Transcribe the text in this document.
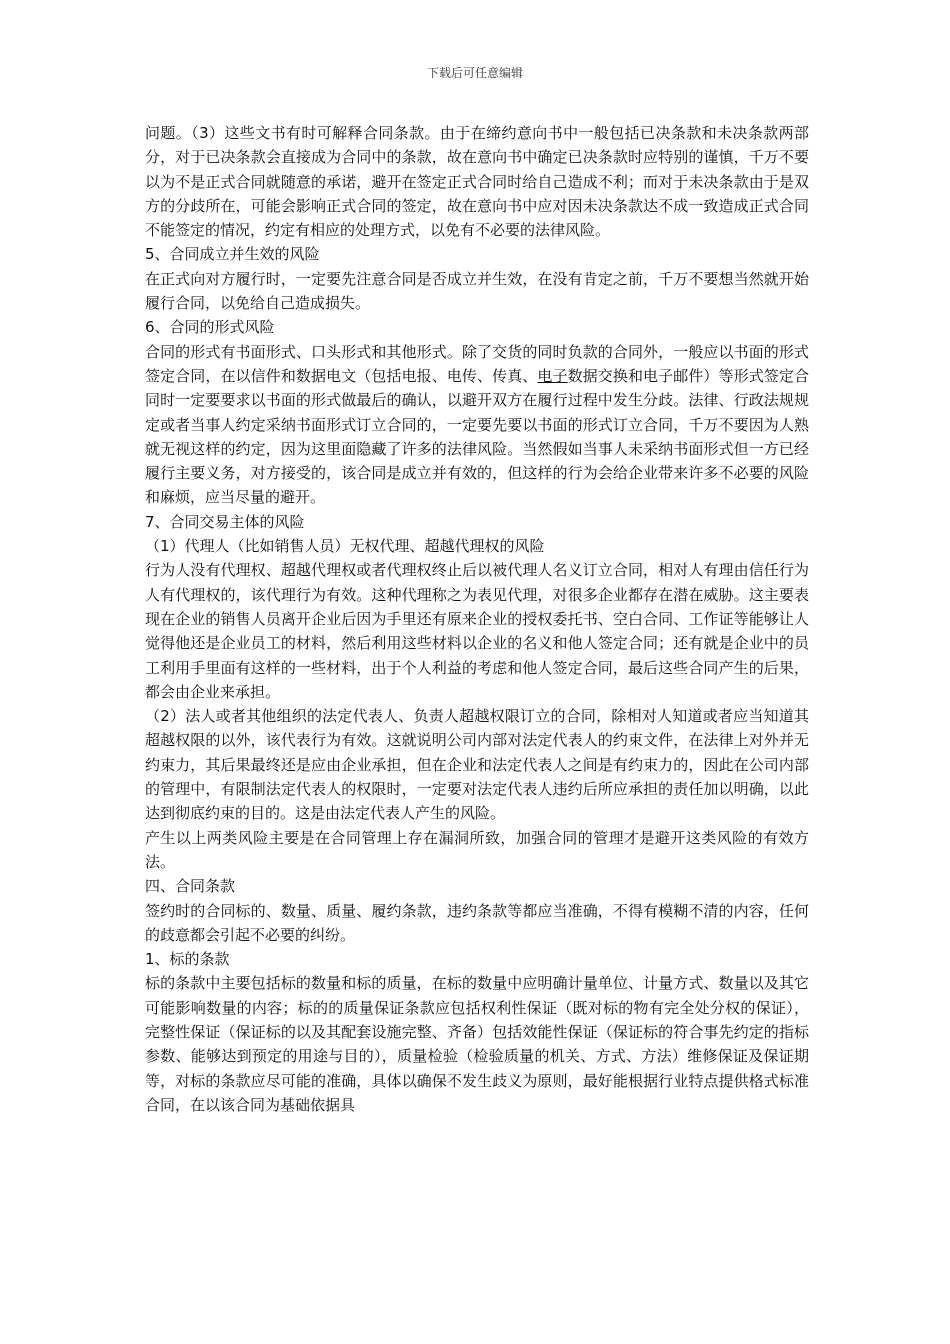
下载后可任意编辑

问题。（3）这些文书有时可解释合同条款。由于在缔约意向书中一般包括已决条款和未决条款两部分，对于已决条款会直接成为合同中的条款，故在意向书中确定已决条款时应特别的谨慎，千万不要以为不是正式合同就随意的承诺，避开在签定正式合同时给自己造成不利；而对于未决条款由于是双方的分歧所在，可能会影响正式合同的签定，故在意向书中应对因未决条款达不成一致造成正式合同不能签定的情况，约定有相应的处理方式，以免有不必要的法律风险。

5、合同成立并生效的风险

在正式向对方履行时，一定要先注意合同是否成立并生效，在没有肯定之前，千万不要想当然就开始履行合同，以免给自己造成损失。

6、合同的形式风险

合同的形式有书面形式、口头形式和其他形式。除了交货的同时负款的合同外，一般应以书面的形式签定合同，在以信件和数据电文（包括电报、电传、传真、电子数据交换和电子邮件）等形式签定合同时一定要要求以书面的形式做最后的确认，以避开双方在履行过程中发生分歧。法律、行政法规规定或者当事人约定采纳书面形式订立合同的，一定要先要以书面的形式订立合同，千万不要因为人熟就无视这样的约定，因为这里面隐藏了许多的法律风险。当然假如当事人未采纳书面形式但一方已经履行主要义务，对方接受的，该合同是成立并有效的，但这样的行为会给企业带来许多不必要的风险和麻烦，应当尽量的避开。

7、合同交易主体的风险

（1）代理人（比如销售人员）无权代理、超越代理权的风险

行为人没有代理权、超越代理权或者代理权终止后以被代理人名义订立合同，相对人有理由信任行为人有代理权的，该代理行为有效。这种代理称之为表见代理，对很多企业都存在潜在威胁。这主要表现在企业的销售人员离开企业后因为手里还有原来企业的授权委托书、空白合同、工作证等能够让人觉得他还是企业员工的材料，然后利用这些材料以企业的名义和他人签定合同；还有就是企业中的员工利用手里面有这样的一些材料，出于个人利益的考虑和他人签定合同，最后这些合同产生的后果，都会由企业来承担。

（2）法人或者其他组织的法定代表人、负责人超越权限订立的合同，除相对人知道或者应当知道其超越权限的以外，该代表行为有效。这就说明公司内部对法定代表人的约束文件，在法律上对外并无约束力，其后果最终还是应由企业承担，但在企业和法定代表人之间是有约束力的，因此在公司内部的管理中，有限制法定代表人的权限时，一定要对法定代表人违约后所应承担的责任加以明确，以此达到彻底约束的目的。这是由法定代表人产生的风险。

产生以上两类风险主要是在合同管理上存在漏洞所致，加强合同的管理才是避开这类风险的有效方法。

四、合同条款

签约时的合同标的、数量、质量、履约条款，违约条款等都应当准确，不得有模糊不清的内容，任何的歧意都会引起不必要的纠纷。

1、标的条款

标的条款中主要包括标的数量和标的质量，在标的数量中应明确计量单位、计量方式、数量以及其它可能影响数量的内容；标的的质量保证条款应包括权利性保证（既对标的物有完全处分权的保证），完整性保证（保证标的以及其配套设施完整、齐备）包括效能性保证（保证标的符合事先约定的指标参数、能够达到预定的用途与目的），质量检验（检验质量的机关、方式、方法）维修保证及保证期等，对标的条款应尽可能的准确，具体以确保不发生歧义为原则，最好能根据行业特点提供格式标准合同，在以该合同为基础依据具
